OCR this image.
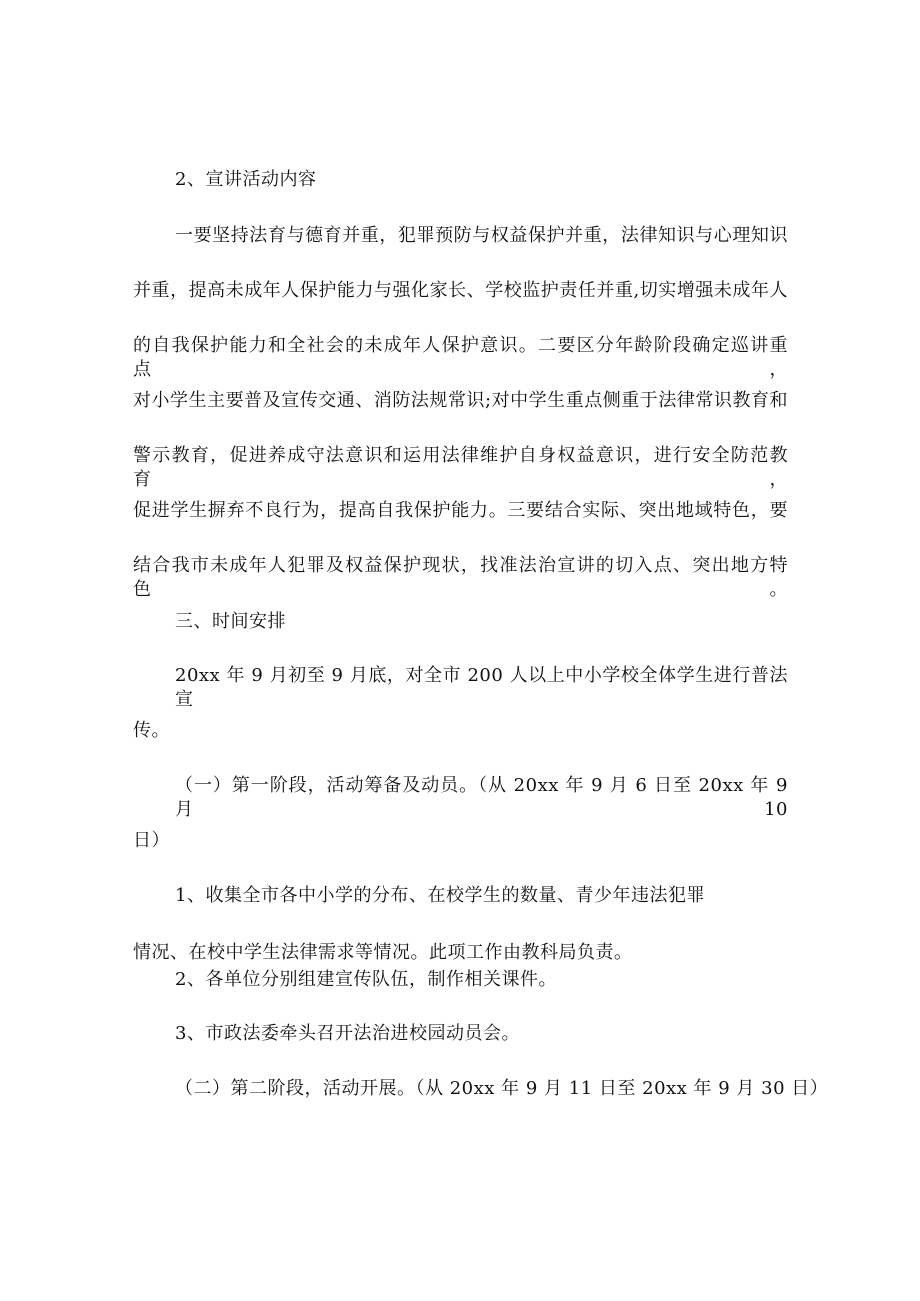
2、宣讲活动内容
一要坚持法育与德育并重，犯罪预防与权益保护并重，法律知识与心理知识
并重，提高未成年人保护能力与强化家长、学校监护责任并重,切实增强未成年人
的自我保护能力和全社会的未成年人保护意识。二要区分年龄阶段确定巡讲重点，
对小学生主要普及宣传交通、消防法规常识;对中学生重点侧重于法律常识教育和
警示教育，促进养成守法意识和运用法律维护自身权益意识，进行安全防范教育，
促进学生摒弃不良行为，提高自我保护能力。三要结合实际、突出地域特色，要
结合我市未成年人犯罪及权益保护现状，找准法治宣讲的切入点、突出地方特色。
三、时间安排
20xx 年 9 月初至 9 月底，对全市 200 人以上中小学校全体学生进行普法宣
传。
（一）第一阶段，活动筹备及动员。（从 20xx 年 9 月 6 日至 20xx 年 9 月 10
日）
1、收集全市各中小学的分布、在校学生的数量、青少年违法犯罪
情况、在校中学生法律需求等情况。此项工作由教科局负责。
2、各单位分别组建宣传队伍，制作相关课件。
3、市政法委牵头召开法治进校园动员会。
（二）第二阶段，活动开展。（从 20xx 年 9 月 11 日至 20xx 年 9 月 30 日）
